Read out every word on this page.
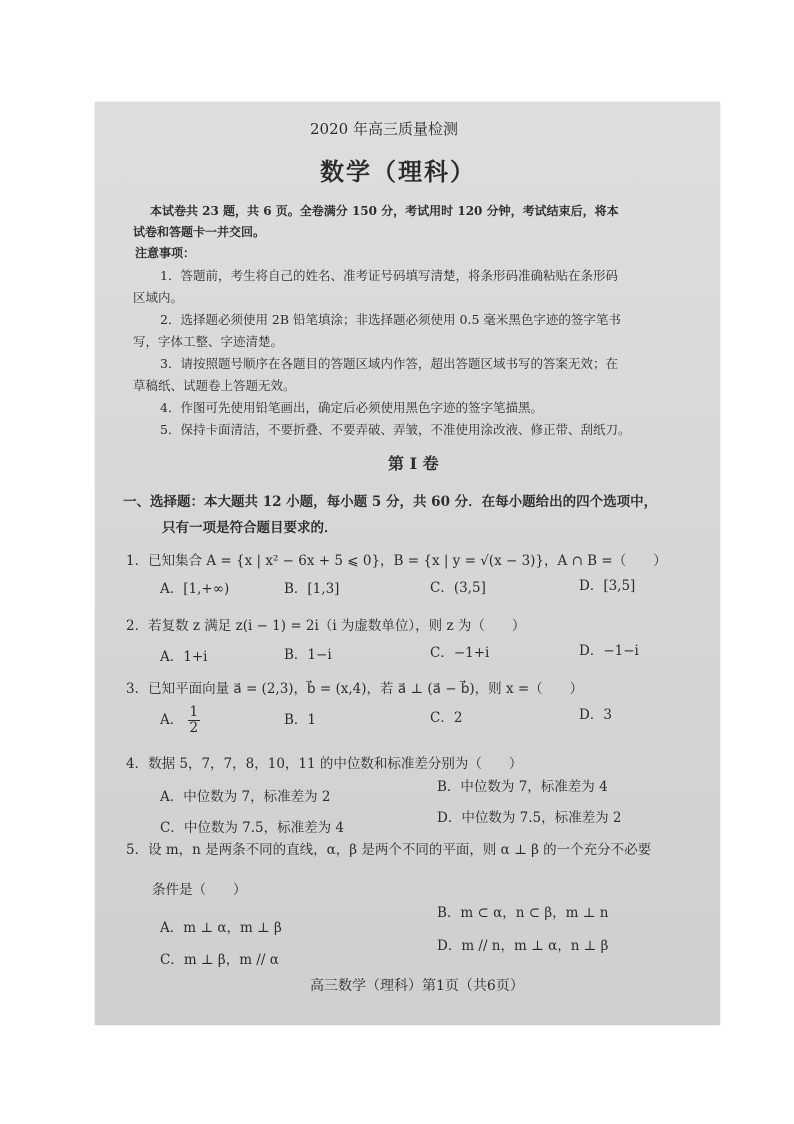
2020 年高三质量检测
数学（理科）
本试卷共 23 题，共 6 页。全卷满分 150 分，考试用时 120 分钟，考试结束后，将本
试卷和答题卡一并交回。
注意事项：
1．答题前，考生将自己的姓名、准考证号码填写清楚，将条形码准确粘贴在条形码
区域内。
2．选择题必须使用 2B 铅笔填涂；非选择题必须使用 0.5 毫米黑色字迹的签字笔书
写，字体工整、字迹清楚。
3．请按照题号顺序在各题目的答题区域内作答，超出答题区域书写的答案无效；在
草稿纸、试题卷上答题无效。
4．作图可先使用铅笔画出，确定后必须使用黑色字迹的签字笔描黑。
5．保持卡面清洁，不要折叠、不要弄破、弄皱，不准使用涂改液、修正带、刮纸刀。
第 I 卷
一、选择题：本大题共 12 小题，每小题 5 分，共 60 分．在每小题给出的四个选项中，
只有一项是符合题目要求的．
1．已知集合 A = {x | x² − 6x + 5 ⩽ 0}，B = {x | y = √(x − 3)}，A ∩ B =（　　）
A．[1,+∞)	B．[1,3]	C．(3,5]	D．[3,5]
2．若复数 z 满足 z(i − 1) = 2i（i 为虚数单位），则 z 为（　　）
A．1+i	B．1−i	C．−1+i	D．−1−i
3．已知平面向量 a⃗ = (2,3)，b⃗ = (x,4)，若 a⃗ ⊥ (a⃗ − b⃗)，则 x =（　　）
A． $\frac{1}{2}$	B．1	C．2	D．3
4．数据 5，7，7，8，10，11 的中位数和标准差分别为（　　）
A．中位数为 7，标准差为 2
B．中位数为 7，标准差为 4
C．中位数为 7.5，标准差为 4
D．中位数为 7.5，标准差为 2
5．设 m，n 是两条不同的直线，α，β 是两个不同的平面，则 α ⊥ β 的一个充分不必要
条件是（　　）
A．m ⊥ α，m ⊥ β
B．m ⊂ α，n ⊂ β，m ⊥ n
C．m ⊥ β，m // α
D．m // n，m ⊥ α，n ⊥ β
高三数学（理科）第1页（共6页）
